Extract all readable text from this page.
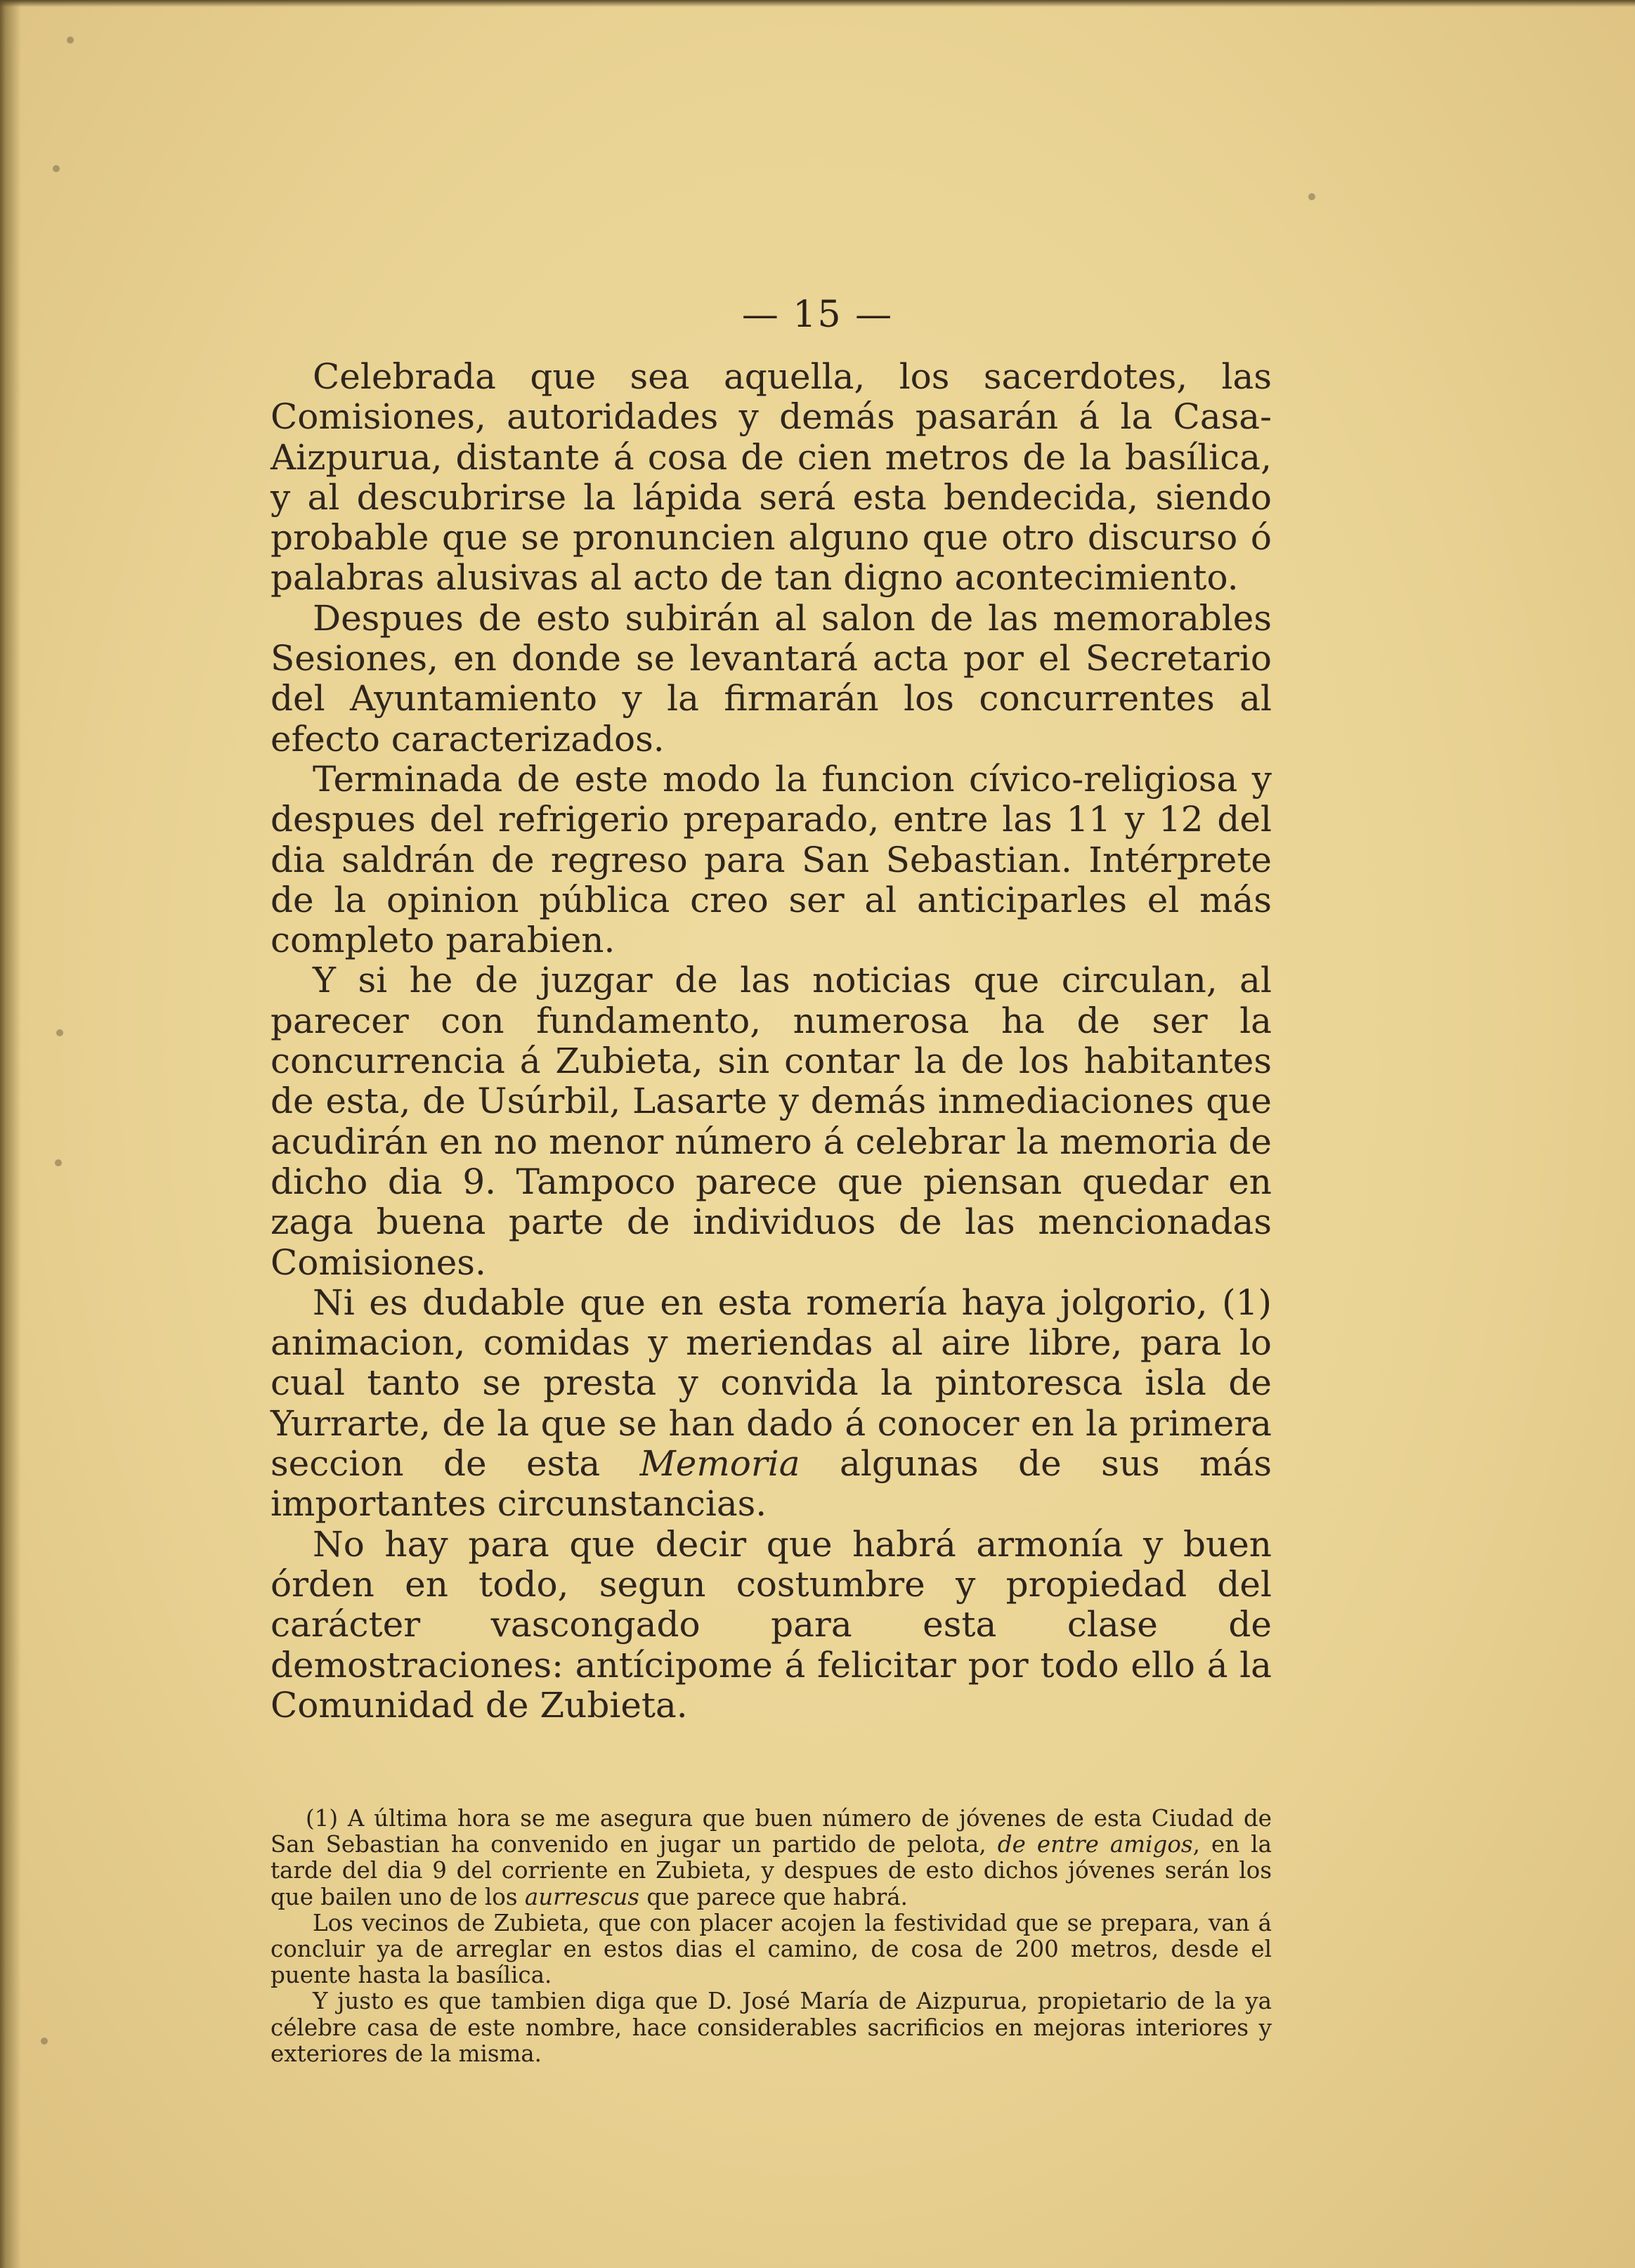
— 15 —

Celebrada que sea aquella, los sacerdotes, las Comisiones, autoridades y demás pasarán á la Casa-Aizpurua, distante á cosa de cien metros de la basílica, y al descubrirse la lápida será esta bendecida, siendo probable que se pronuncien alguno que otro discurso ó palabras alusivas al acto de tan digno acontecimiento.

Despues de esto subirán al salon de las memorables Sesiones, en donde se levantará acta por el Secretario del Ayuntamiento y la firmarán los concurrentes al efecto caracterizados.

Terminada de este modo la funcion cívico-religiosa y despues del refrigerio preparado, entre las 11 y 12 del dia saldrán de regreso para San Sebastian. Intérprete de la opinion pública creo ser al anticiparles el más completo parabien.

Y si he de juzgar de las noticias que circulan, al parecer con fundamento, numerosa ha de ser la concurrencia á Zubieta, sin contar la de los habitantes de esta, de Usúrbil, Lasarte y demás inmediaciones que acudirán en no menor número á celebrar la memoria de dicho dia 9. Tampoco parece que piensan quedar en zaga buena parte de individuos de las mencionadas Comisiones.

Ni es dudable que en esta romería haya jolgorio, (1) animacion, comidas y meriendas al aire libre, para lo cual tanto se presta y convida la pintoresca isla de Yurrarte, de la que se han dado á conocer en la primera seccion de esta Memoria algunas de sus más importantes circunstancias.

No hay para que decir que habrá armonía y buen órden en todo, segun costumbre y propiedad del carácter vascongado para esta clase de demostraciones: antícipome á felicitar por todo ello á la Comunidad de Zubieta.

(1) A última hora se me asegura que buen número de jóvenes de esta Ciudad de San Sebastian ha convenido en jugar un partido de pelota, de entre amigos, en la tarde del dia 9 del corriente en Zubieta, y despues de esto dichos jóvenes serán los que bailen uno de los aurrescus que parece que habrá.

Los vecinos de Zubieta, que con placer acojen la festividad que se prepara, van á concluir ya de arreglar en estos dias el camino, de cosa de 200 metros, desde el puente hasta la basílica.

Y justo es que tambien diga que D. José María de Aizpurua, propietario de la ya célebre casa de este nombre, hace considerables sacrificios en mejoras interiores y exteriores de la misma.
